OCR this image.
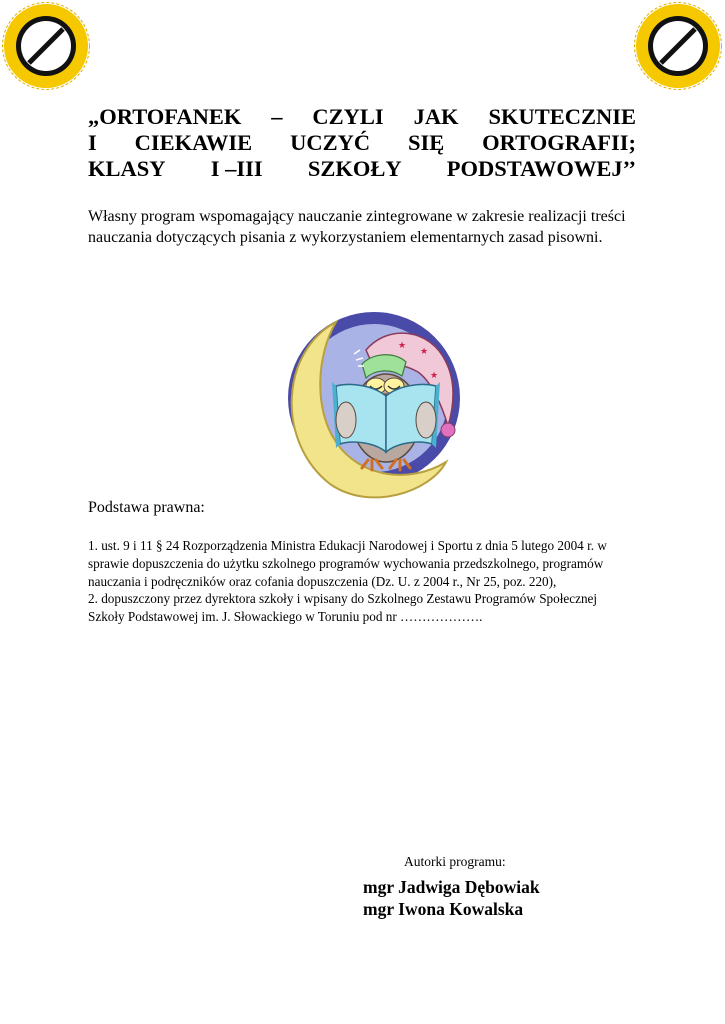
„ORTOFANEK – CZYLI JAK SKUTECZNIE
I CIEKAWIE UCZYĆ SIĘ ORTOGRAFII;
KLASY I –III SZKOŁY PODSTAWOWEJ’’
Własny program wspomagający nauczanie zintegrowane w zakresie realizacji treści nauczania dotyczących pisania z wykorzystaniem elementarnych zasad pisowni.
★
★
★
Podstawa prawna:
1. ust. 9 i 11 § 24 Rozporządzenia Ministra Edukacji Narodowej i Sportu z dnia 5 lutego 2004 r. w sprawie dopuszczenia do użytku szkolnego programów wychowania przedszkolnego, programów nauczania i podręczników oraz cofania dopuszczenia (Dz. U. z 2004 r., Nr 25, poz. 220),
2. dopuszczony przez dyrektora szkoły i wpisany do Szkolnego Zestawu Programów Społecznej Szkoły Podstawowej im. J. Słowackiego w Toruniu pod nr ……………….
Autorki programu:
mgr Jadwiga Dębowiak
mgr Iwona Kowalska
